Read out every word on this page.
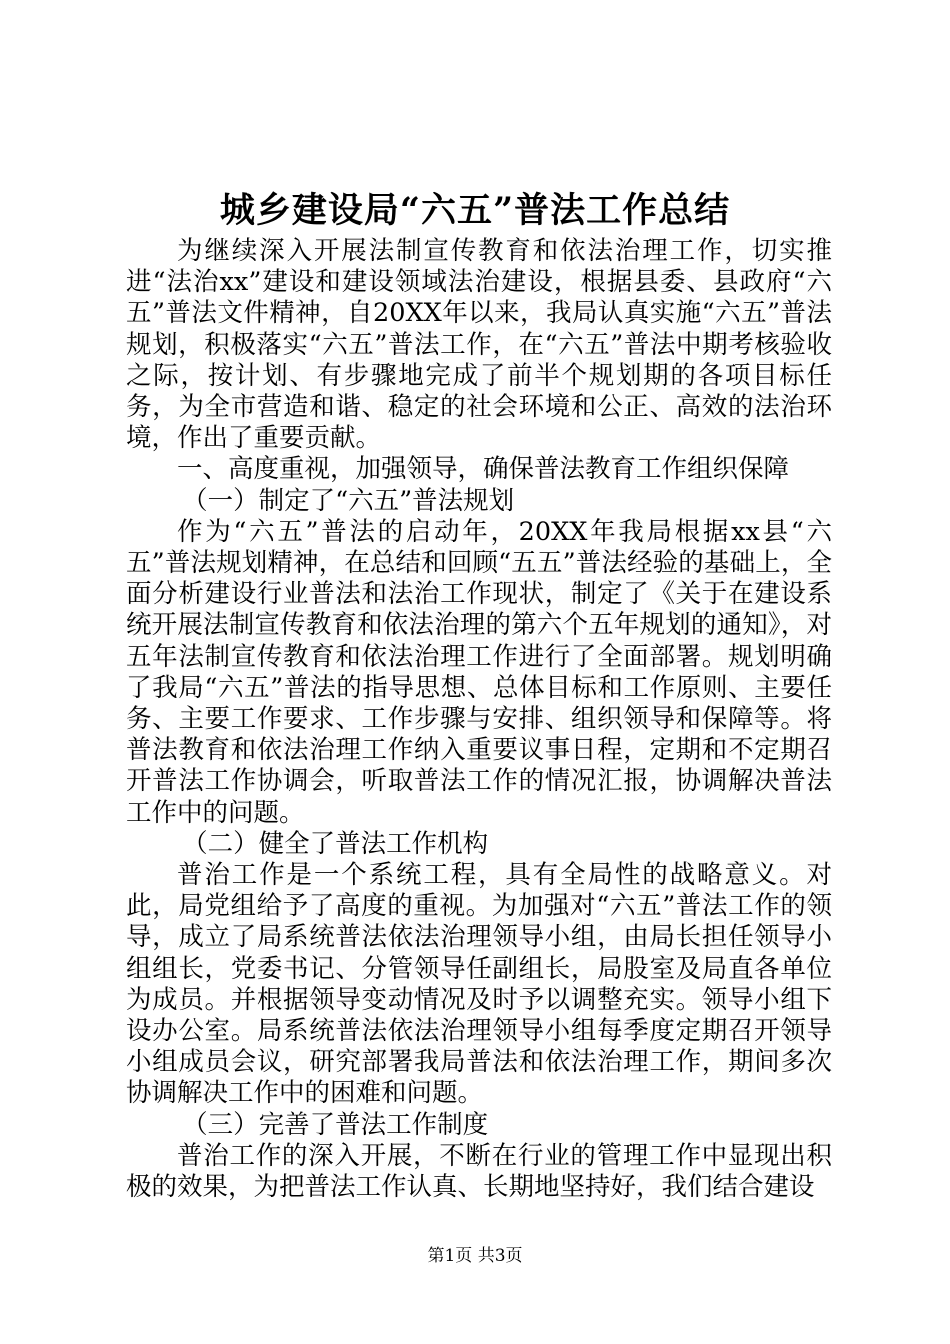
城乡建设局“六五”普法工作总结

为继续深入开展法制宣传教育和依法治理工作，切实推进“法治xx”建设和建设领域法治建设，根据县委、县政府“六五”普法文件精神，自20XX年以来，我局认真实施“六五”普法规划，积极落实“六五”普法工作，在“六五”普法中期考核验收之际，按计划、有步骤地完成了前半个规划期的各项目标任务，为全市营造和谐、稳定的社会环境和公正、高效的法治环境，作出了重要贡献。

一、高度重视，加强领导，确保普法教育工作组织保障

（一）制定了“六五”普法规划

作为“六五”普法的启动年，20XX年我局根据xx县“六五”普法规划精神，在总结和回顾“五五”普法经验的基础上，全面分析建设行业普法和法治工作现状，制定了《关于在建设系统开展法制宣传教育和依法治理的第六个五年规划的通知》，对五年法制宣传教育和依法治理工作进行了全面部署。规划明确了我局“六五”普法的指导思想、总体目标和工作原则、主要任务、主要工作要求、工作步骤与安排、组织领导和保障等。将普法教育和依法治理工作纳入重要议事日程，定期和不定期召开普法工作协调会，听取普法工作的情况汇报，协调解决普法工作中的问题。

（二）健全了普法工作机构

普治工作是一个系统工程，具有全局性的战略意义。对此，局党组给予了高度的重视。为加强对“六五”普法工作的领导，成立了局系统普法依法治理领导小组，由局长担任领导小组组长，党委书记、分管领导任副组长，局股室及局直各单位为成员。并根据领导变动情况及时予以调整充实。领导小组下设办公室。局系统普法依法治理领导小组每季度定期召开领导小组成员会议，研究部署我局普法和依法治理工作，期间多次协调解决工作中的困难和问题。

（三）完善了普法工作制度

普治工作的深入开展，不断在行业的管理工作中显现出积极的效果，为把普法工作认真、长期地坚持好，我们结合建设

第1页 共3页
